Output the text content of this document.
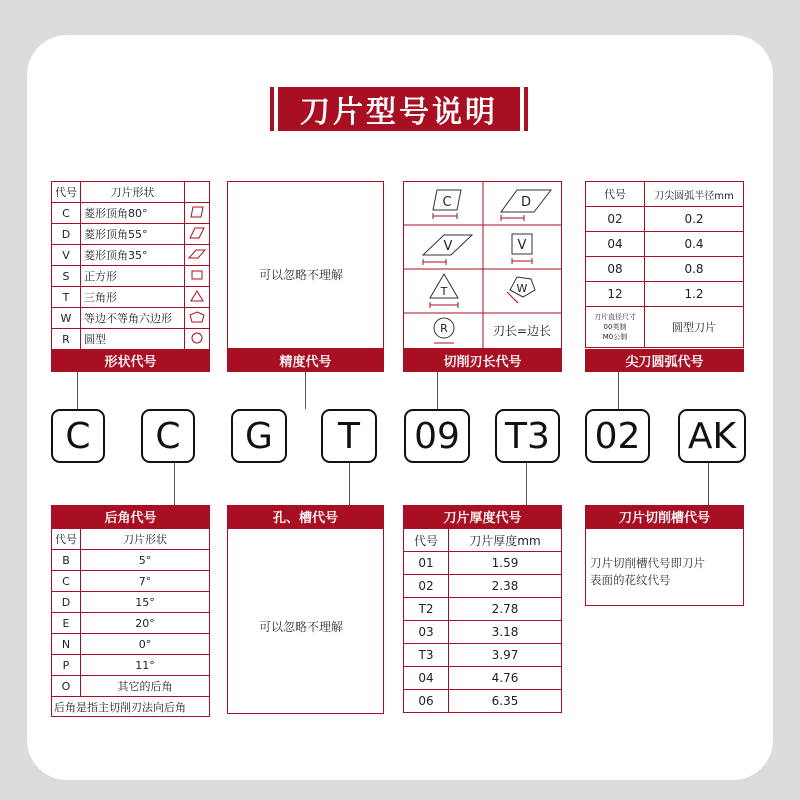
刀片型号说明
代号	刀片形状	
C	菱形顶角80°	
D	菱形顶角55°	
V	菱形顶角35°	
S	正方形	
T	三角形	
W	等边不等角六边形	
R	圆型	
形状代号
可以忽略不理解
精度代号
C	D
V	V
T	W
R	刃长=边长
切削刃长代号
代号	刀尖圆弧半径mm
02	0.2
04	0.4
08	0.8
12	1.2

刀片直径尺寸
00英制
M0公制	圆型刀片
尖刀圆弧代号
C	C	G	T	09 T3 02 AK
后角代号
代号	刀片形状
B	5°
C	7°
D	15°
E	20°
N	0°
P	11°
O	其它的后角
后角是指主切削刃法向后角	
孔、槽代号
可以忽略不理解
刀片厚度代号
代号	刀片厚度mm
01	1.59
02	2.38
T2	2.78
03	3.18
T3	3.97
04	4.76
06	6.35
刀片切削槽代号
刀片切削槽代号即刀片
表面的花纹代号
